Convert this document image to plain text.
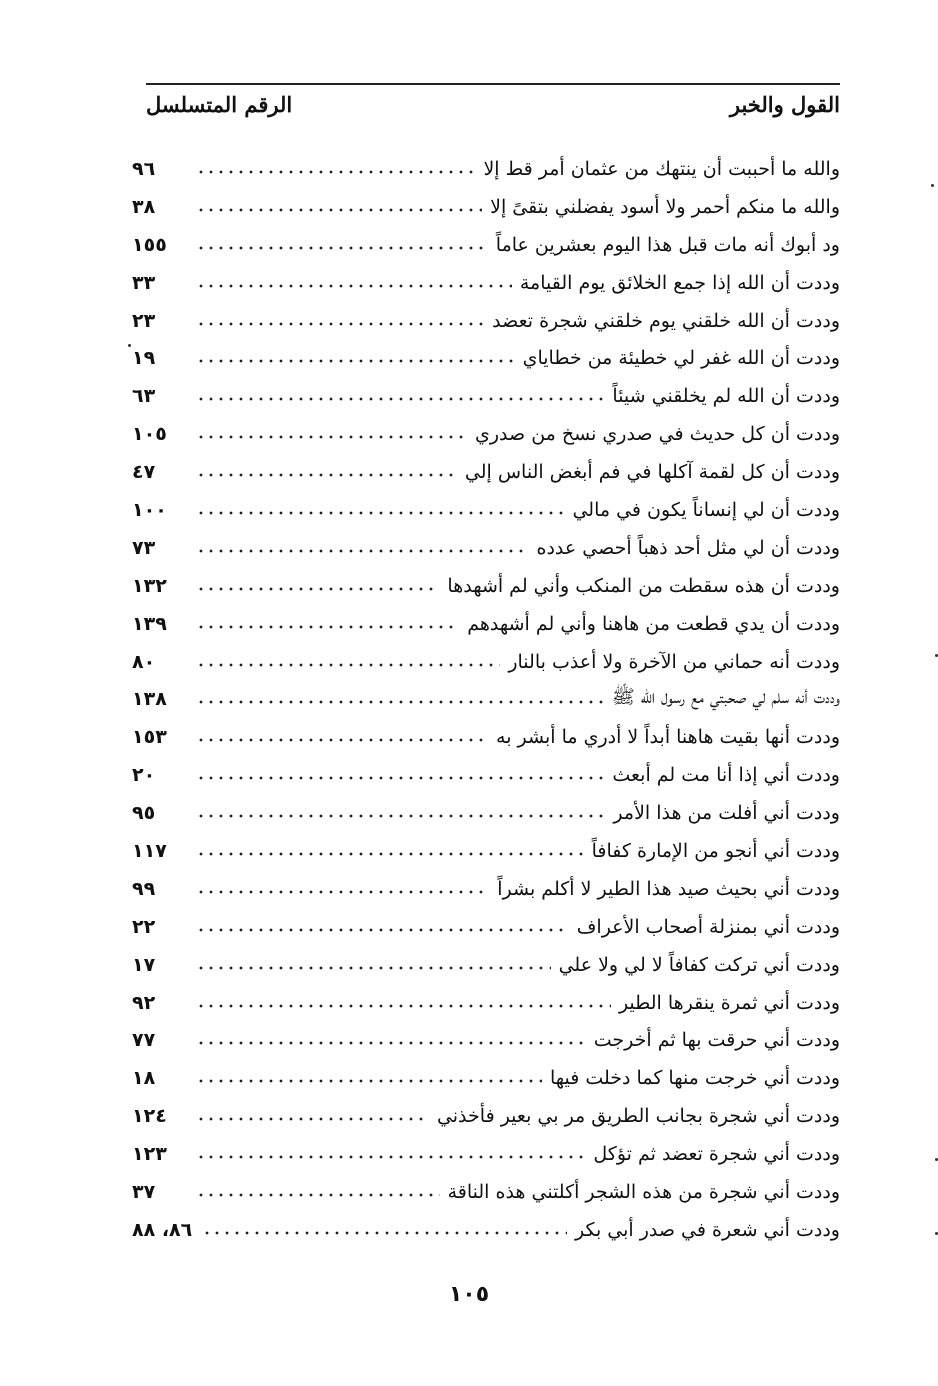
القول والخبر
الرقم المتسلسل
والله ما أحببت أن ينتهك من عثمان أمر قط إلا
٩٦
والله ما منكم أحمر ولا أسود يفضلني بتقىً إلا
٣٨
ود أبوك أنه مات قبل هذا اليوم بعشرين عاماً
١٥٥
وددت أن الله إذا جمع الخلائق يوم القيامة
٣٣
وددت أن الله خلقني يوم خلقني شجرة تعضد
٢٣
وددت أن الله غفر لي خطيئة من خطاياي
١٩
وددت أن الله لم يخلقني شيئاً
٦٣
وددت أن كل حديث في صدري نسخ من صدري
١٠٥
وددت أن كل لقمة آكلها في فم أبغض الناس إلي
٤٧
وددت أن لي إنساناً يكون في مالي
١٠٠
وددت أن لي مثل أحد ذهباً أحصي عدده
٧٣
وددت أن هذه سقطت من المنكب وأني لم أشهدها
١٣٢
وددت أن يدي قطعت من هاهنا وأني لم أشهدهم
١٣٩
وددت أنه حماني من الآخرة ولا أعذب بالنار
٨٠
وددت أنه سلم لي صحبتي مع رسول الله ﷺ
١٣٨
وددت أنها بقيت هاهنا أبداً لا أدري ما أبشر به
١٥٣
وددت أني إذا أنا مت لم أبعث
٢٠
وددت أني أفلت من هذا الأمر
٩٥
وددت أني أنجو من الإمارة كفافاً
١١٧
وددت أني بحيث صيد هذا الطير لا أكلم بشراً
٩٩
وددت أني بمنزلة أصحاب الأعراف
٢٢
وددت أني تركت كفافاً لا لي ولا علي
١٧
وددت أني ثمرة ينقرها الطير
٩٢
وددت أني حرقت بها ثم أخرجت
٧٧
وددت أني خرجت منها كما دخلت فيها
١٨
وددت أني شجرة بجانب الطريق مر بي بعير فأخذني
١٢٤
وددت أني شجرة تعضد ثم تؤكل
١٢٣
وددت أني شجرة من هذه الشجر أكلتني هذه الناقة
٣٧
وددت أني شعرة في صدر أبي بكر
٨٦، ٨٨
١٠٥
